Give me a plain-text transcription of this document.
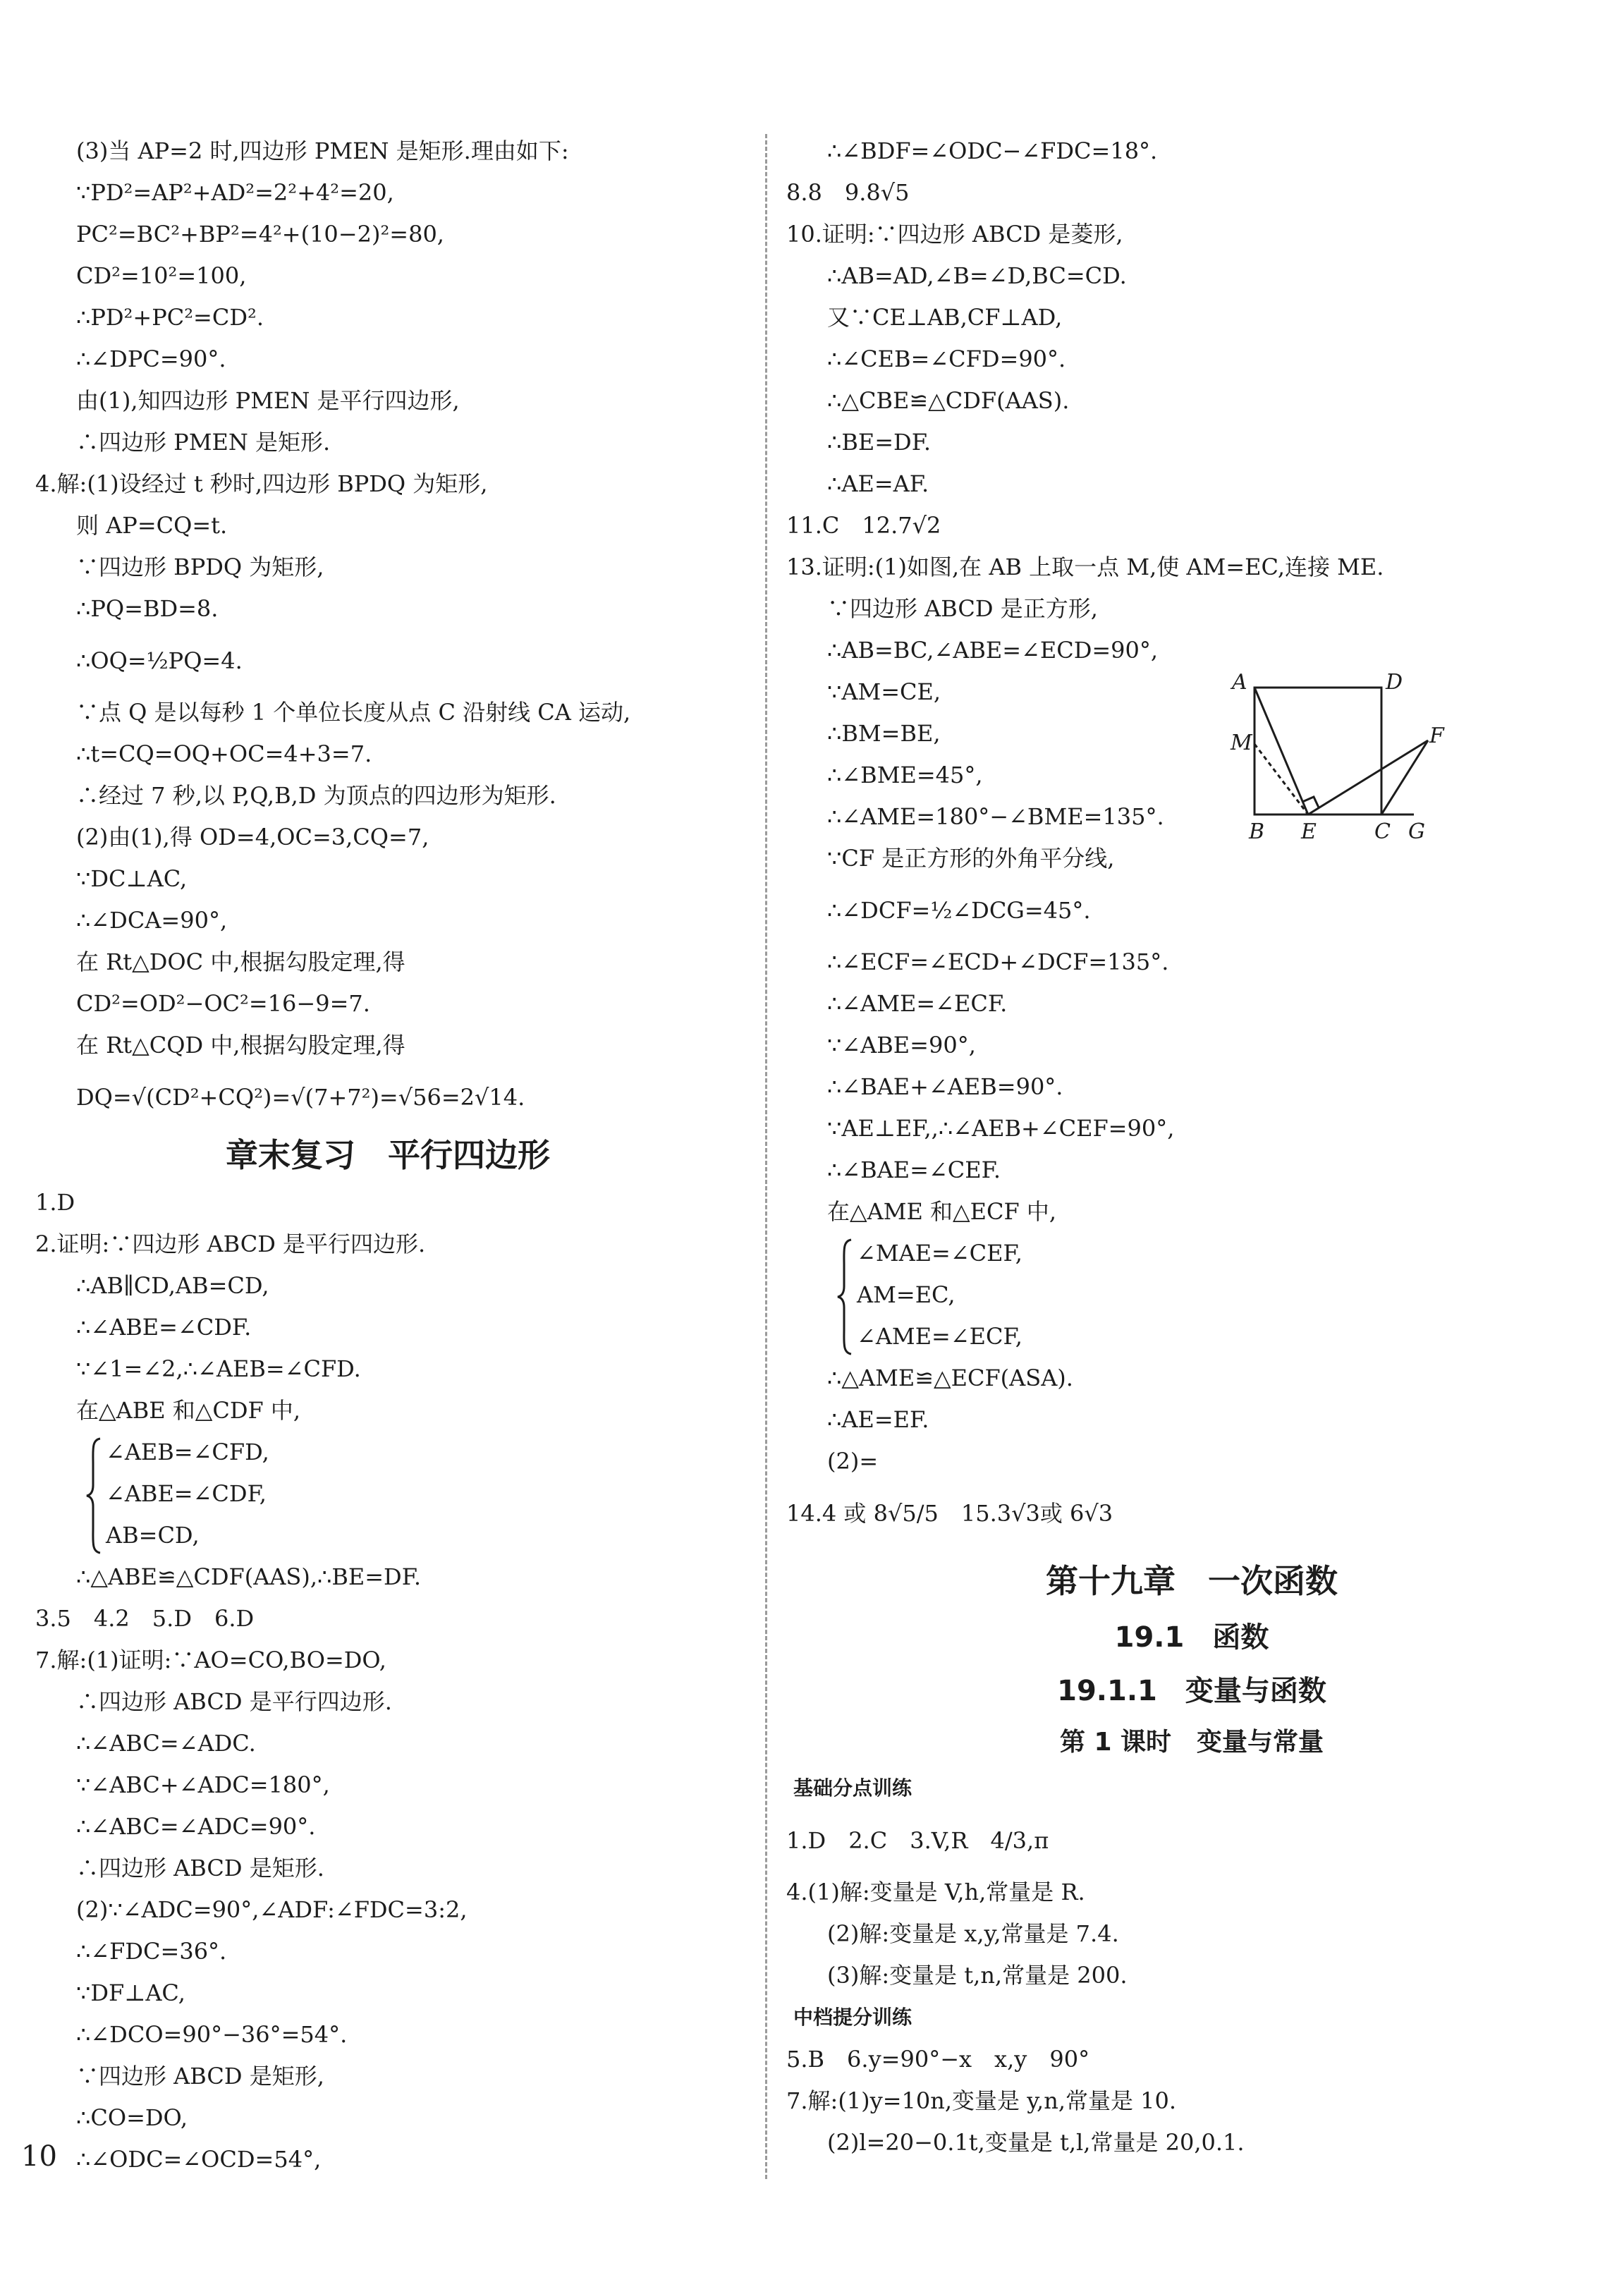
(3)当 AP=2 时,四边形 PMEN 是矩形.理由如下:
∵PD²=AP²+AD²=2²+4²=20,
PC²=BC²+BP²=4²+(10−2)²=80,
CD²=10²=100,
∴PD²+PC²=CD².
∴∠DPC=90°.
由(1),知四边形 PMEN 是平行四边形,
∴四边形 PMEN 是矩形.
4.解:(1)设经过 t 秒时,四边形 BPDQ 为矩形,
则 AP=CQ=t.
∵四边形 BPDQ 为矩形,
∴PQ=BD=8.
∴OQ=½PQ=4.
∵点 Q 是以每秒 1 个单位长度从点 C 沿射线 CA 运动,
∴t=CQ=OQ+OC=4+3=7.
∴经过 7 秒,以 P,Q,B,D 为顶点的四边形为矩形.
(2)由(1),得 OD=4,OC=3,CQ=7,
∵DC⊥AC,
∴∠DCA=90°,
在 Rt△DOC 中,根据勾股定理,得
CD²=OD²−OC²=16−9=7.
在 Rt△CQD 中,根据勾股定理,得
DQ=√(CD²+CQ²)=√(7+7²)=√56=2√14.
章末复习　平行四边形
1.D
2.证明:∵四边形 ABCD 是平行四边形.
∴AB∥CD,AB=CD,
∴∠ABE=∠CDF.
∵∠1=∠2,∴∠AEB=∠CFD.
在△ABE 和△CDF 中,
∠AEB=∠CFD,
∠ABE=∠CDF,
AB=CD,
∴△ABE≌△CDF(AAS),∴BE=DF.
3.5　4.2　5.D　6.D
7.解:(1)证明:∵AO=CO,BO=DO,
∴四边形 ABCD 是平行四边形.
∴∠ABC=∠ADC.
∵∠ABC+∠ADC=180°,
∴∠ABC=∠ADC=90°.
∴四边形 ABCD 是矩形.
(2)∵∠ADC=90°,∠ADF:∠FDC=3:2,
∴∠FDC=36°.
∵DF⊥AC,
∴∠DCO=90°−36°=54°.
∵四边形 ABCD 是矩形,
∴CO=DO,
∴∠ODC=∠OCD=54°,
∴∠BDF=∠ODC−∠FDC=18°.
8.8　9.8√5
10.证明:∵四边形 ABCD 是菱形,
∴AB=AD,∠B=∠D,BC=CD.
又∵CE⊥AB,CF⊥AD,
∴∠CEB=∠CFD=90°.
∴△CBE≌△CDF(AAS).
∴BE=DF.
∴AE=AF.
11.C　12.7√2
13.证明:(1)如图,在 AB 上取一点 M,使 AM=EC,连接 ME.
∵四边形 ABCD 是正方形,
∴AB=BC,∠ABE=∠ECD=90°,
∵AM=CE,
∴BM=BE,
∴∠BME=45°,
∴∠AME=180°−∠BME=135°.
∵CF 是正方形的外角平分线,
∴∠DCF=½∠DCG=45°.
∴∠ECF=∠ECD+∠DCF=135°.
∴∠AME=∠ECF.
∵∠ABE=90°,
∴∠BAE+∠AEB=90°.
∵AE⊥EF,,∴∠AEB+∠CEF=90°,
∴∠BAE=∠CEF.
在△AME 和△ECF 中,
∠MAE=∠CEF,
AM=EC,
∠AME=∠ECF,
∴△AME≌△ECF(ASA).
∴AE=EF.
(2)=
14.4 或 8√5/5　15.3√3或 6√3
第十九章　一次函数
19.1　函数
19.1.1　变量与函数
第 1 课时　变量与常量
基础分点训练
1.D　2.C　3.V,R　4/3,π
4.(1)解:变量是 V,h,常量是 R.
(2)解:变量是 x,y,常量是 7.4.
(3)解:变量是 t,n,常量是 200.
中档提分训练
5.B　6.y=90°−x　x,y　90°
7.解:(1)y=10n,变量是 y,n,常量是 10.
(2)l=20−0.1t,变量是 t,l,常量是 20,0.1.
A	D
M	F
B E	C G
10
